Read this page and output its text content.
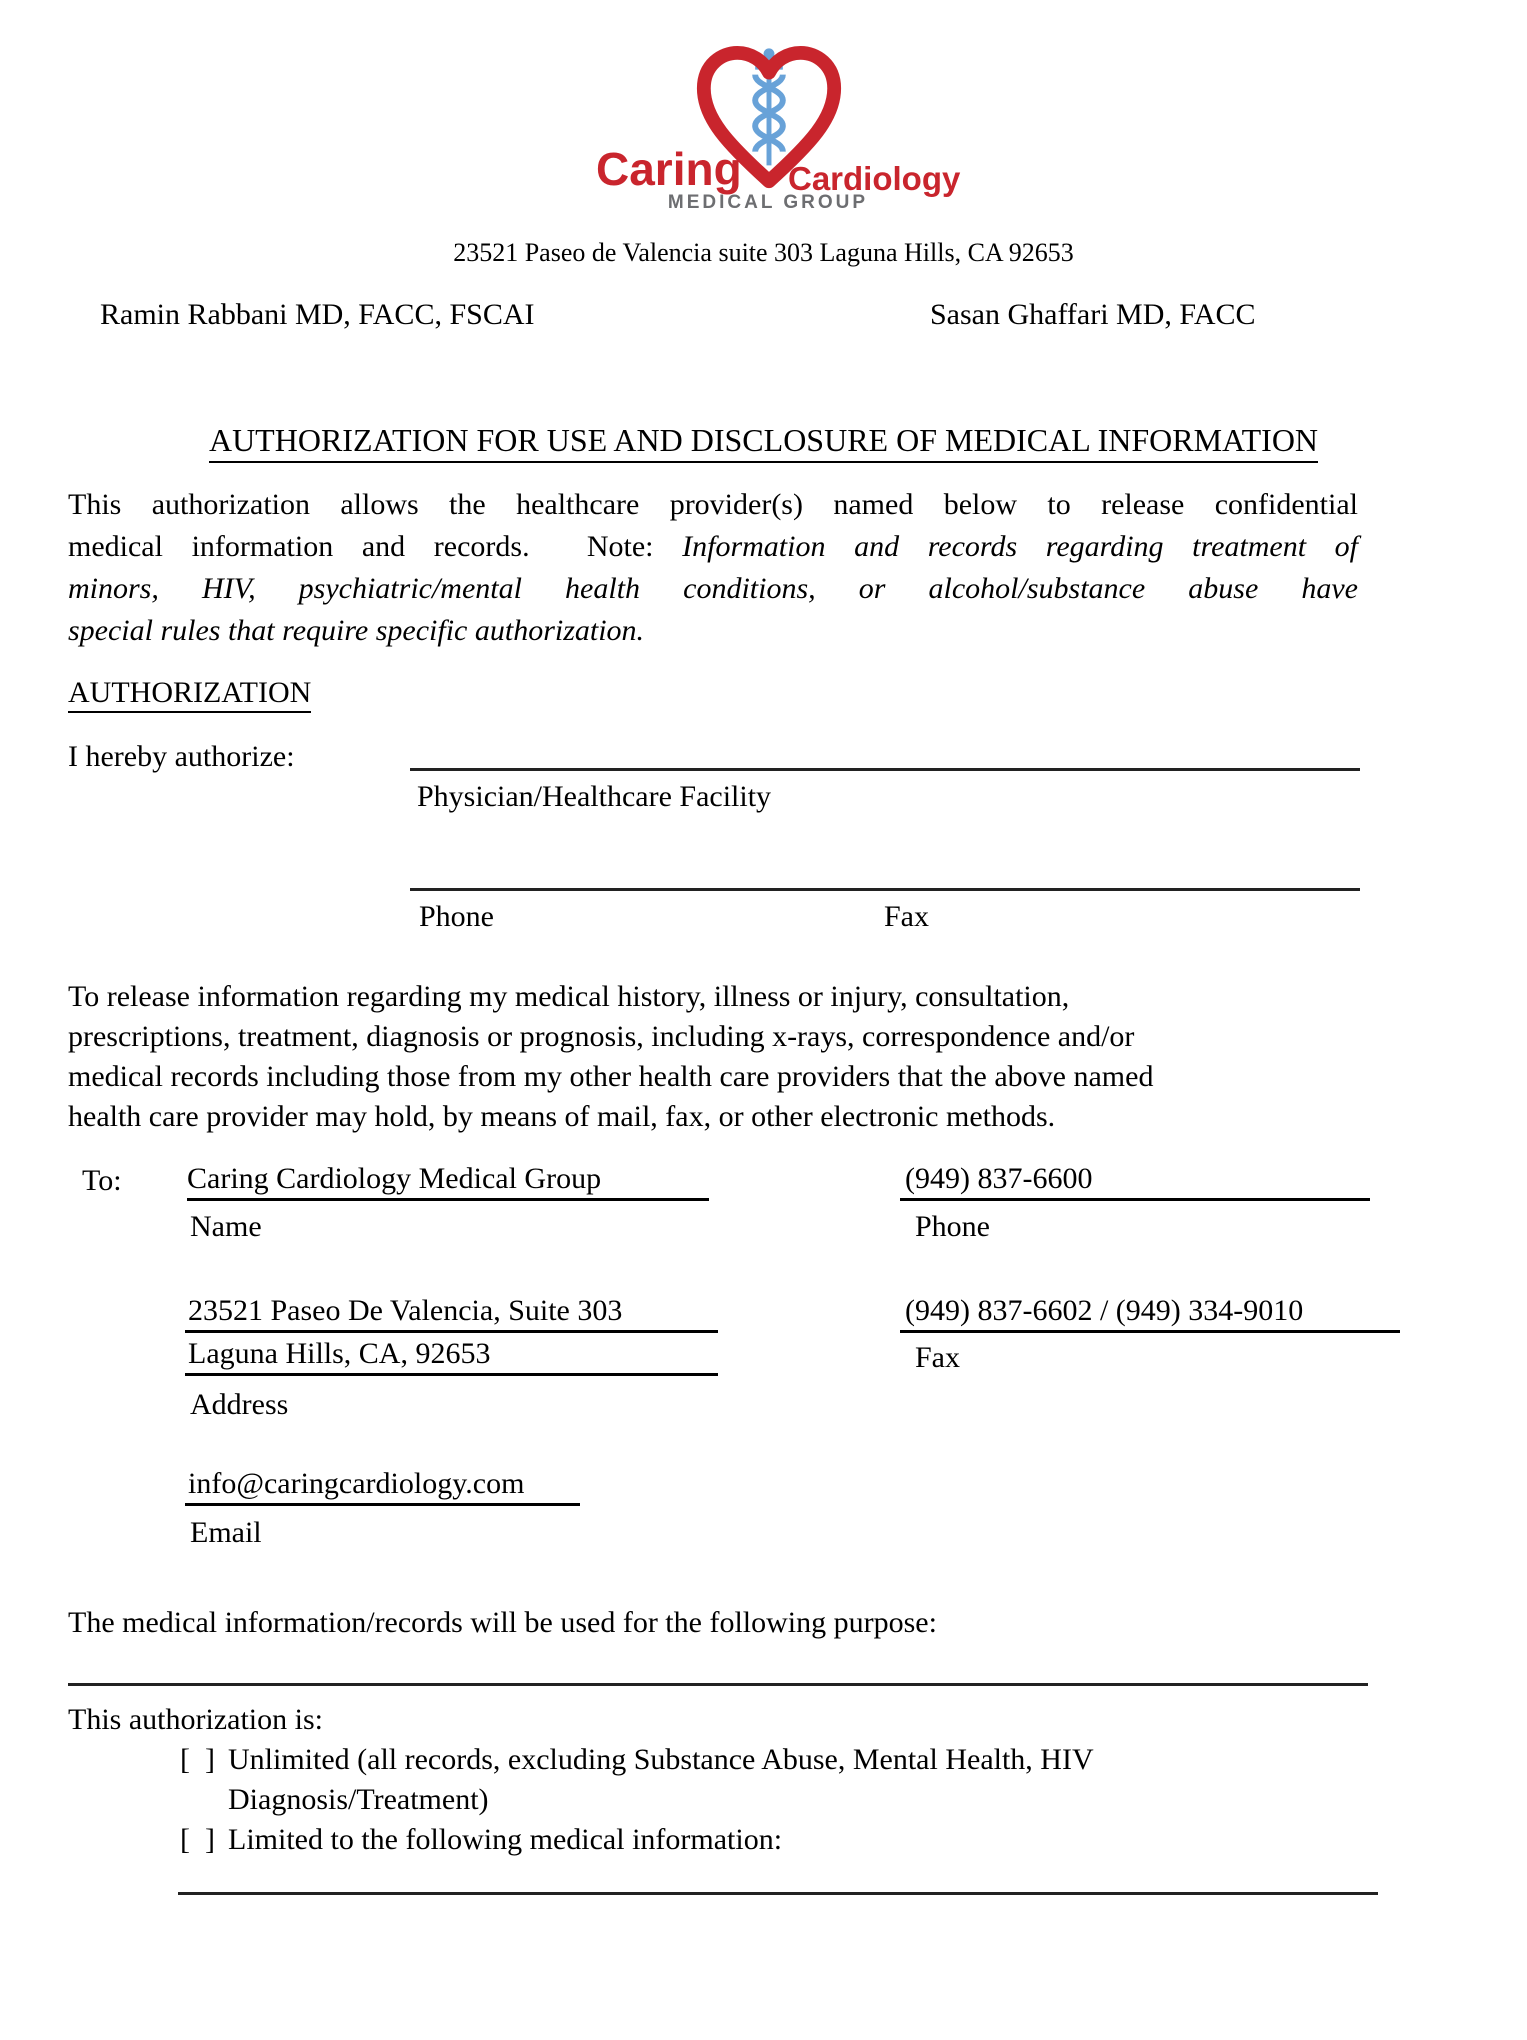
Caring Cardiology
MEDICAL GROUP
23521 Paseo de Valencia suite 303 Laguna Hills, CA 92653
Ramin Rabbani MD, FACC, FSCAI	Sasan Ghaffari MD, FACC
AUTHORIZATION FOR USE AND DISCLOSURE OF MEDICAL INFORMATION
This authorization allows the healthcare provider(s) named below to release confidential
medical information and records.  Note: Information and records regarding treatment of
minors, HIV, psychiatric/mental health conditions, or alcohol/substance abuse have
special rules that require specific authorization.
AUTHORIZATION
I hereby authorize:
Physician/Healthcare Facility
Phone	Fax
To release information regarding my medical history, illness or injury, consultation,
prescriptions, treatment, diagnosis or prognosis, including x-rays, correspondence and/or
medical records including those from my other health care providers that the above named
health care provider may hold, by means of mail, fax, or other electronic methods.
To: Caring Cardiology Medical Group	(949) 837-6600
Name	Phone
23521 Paseo De Valencia, Suite 303	(949) 837-6602 / (949) 334-9010
Laguna Hills, CA, 92653	Fax
Address
info@caringcardiology.com
Email
The medical information/records will be used for the following purpose:
This authorization is:
[  ] Unlimited (all records, excluding Substance Abuse, Mental Health, HIV
Diagnosis/Treatment)
[  ] Limited to the following medical information:
